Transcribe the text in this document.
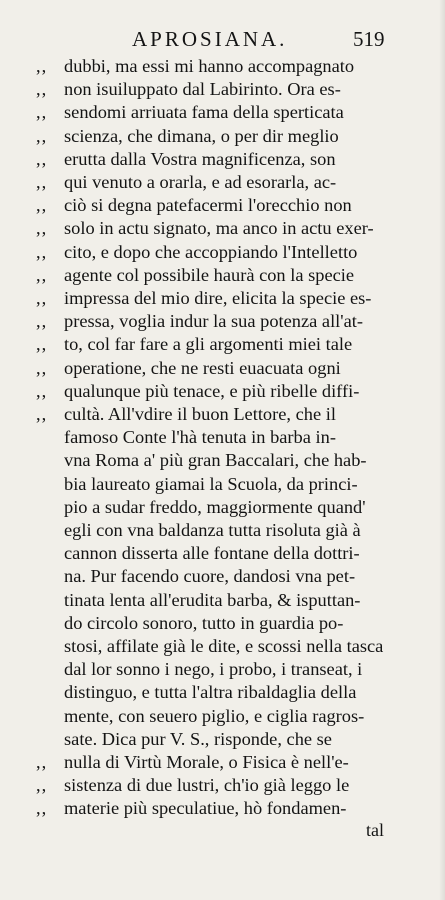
APROSIANA.	519
,, dubbi, ma essi mi hanno accompagnato
,, non isuiluppato dal Labirinto. Ora es-
,, sendomi arriuata fama della sperticata
,, scienza, che dimana, o per dir meglio
,, erutta dalla Vostra magnificenza, son
,, qui venuto a orarla, e ad esorarla, ac-
,, ciò si degna patefacermi l'orecchio non
,, solo in actu signato, ma anco in actu exer-
,, cito, e dopo che accoppiando l'Intelletto
,, agente col possibile haurà con la specie
,, impressa del mio dire, elicita la specie es-
,, pressa, voglia indur la sua potenza all'at-
,, to, col far fare a gli argomenti miei tale
,, operatione, che ne resti euacuata ogni
,, qualunque più tenace, e più ribelle diffi-
,, cultà. All'vdire il buon Lettore, che il
famoso Conte l'hà tenuta in barba in-
vna Roma a' più gran Baccalari, che hab-
bia laureato giamai la Scuola, da princi-
pio a sudar freddo, maggiormente quand'
egli con vna baldanza tutta risoluta già à
cannon disserta alle fontane della dottri-
na. Pur facendo cuore, dandosi vna pet-
tinata lenta all'erudita barba, & isputtan-
do circolo sonoro, tutto in guardia po-
stosi, affilate già le dite, e scossi nella tasca
dal lor sonno i nego, i probo, i transeat, i
distinguo, e tutta l'altra ribaldaglia della
mente, con seuero piglio, e ciglia ragros-
sate. Dica pur V. S., risponde, che se
,, nulla di Virtù Morale, o Fisica è nell'e-
,, sistenza di due lustri, ch'io già leggo le
,, materie più speculatiue, hò fondamen-
tal
